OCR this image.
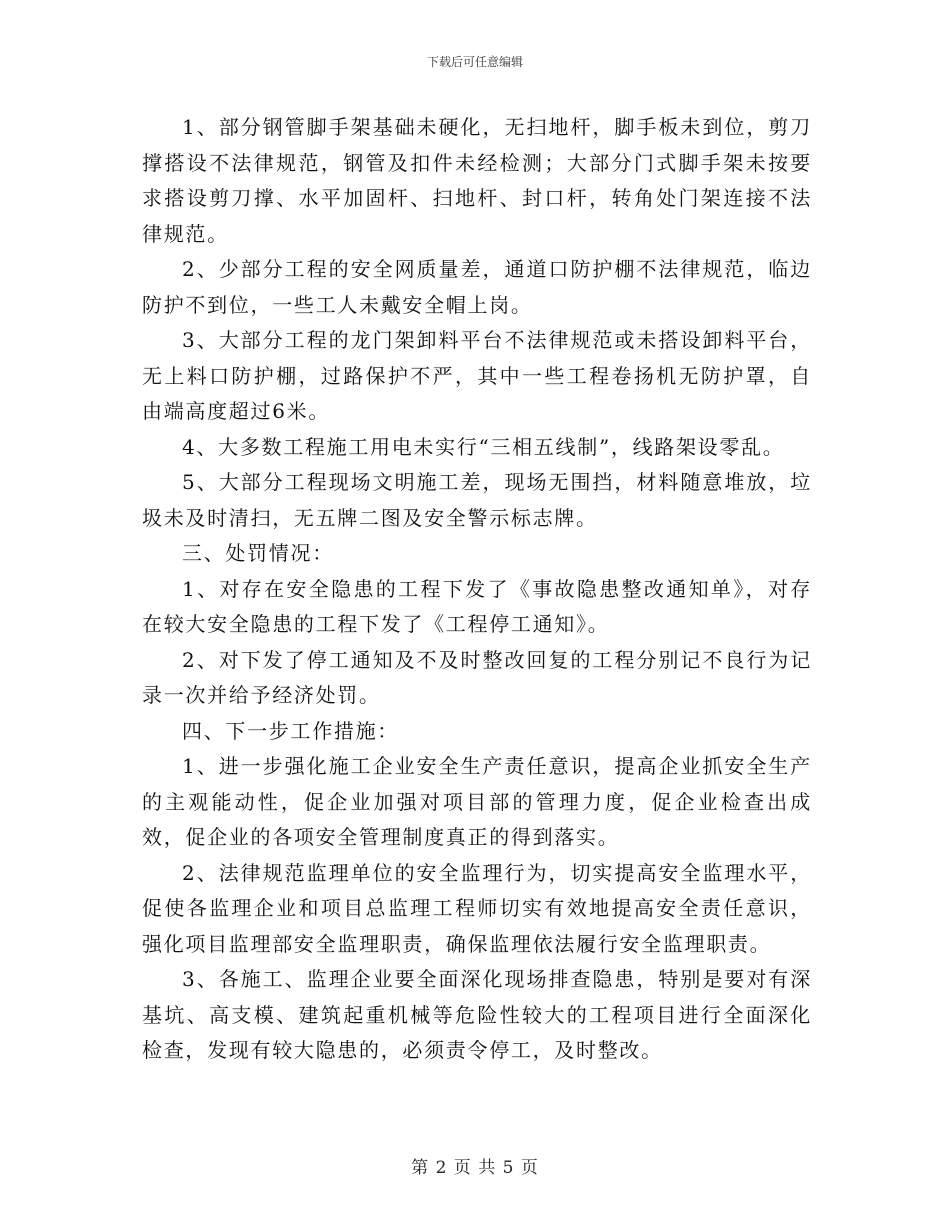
下载后可任意编辑

1、部分钢管脚手架基础未硬化，无扫地杆，脚手板未到位，剪刀撑搭设不法律规范，钢管及扣件未经检测；大部分门式脚手架未按要求搭设剪刀撑、水平加固杆、扫地杆、封口杆，转角处门架连接不法律规范。

2、少部分工程的安全网质量差，通道口防护棚不法律规范，临边防护不到位，一些工人未戴安全帽上岗。

3、大部分工程的龙门架卸料平台不法律规范或未搭设卸料平台，无上料口防护棚，过路保护不严，其中一些工程卷扬机无防护罩，自由端高度超过6米。

4、大多数工程施工用电未实行“三相五线制”，线路架设零乱。

5、大部分工程现场文明施工差，现场无围挡，材料随意堆放，垃圾未及时清扫，无五牌二图及安全警示标志牌。

三、处罚情况：

1、对存在安全隐患的工程下发了《事故隐患整改通知单》，对存在较大安全隐患的工程下发了《工程停工通知》。

2、对下发了停工通知及不及时整改回复的工程分别记不良行为记录一次并给予经济处罚。

四、下一步工作措施：

1、进一步强化施工企业安全生产责任意识，提高企业抓安全生产的主观能动性，促企业加强对项目部的管理力度，促企业检查出成效，促企业的各项安全管理制度真正的得到落实。

2、法律规范监理单位的安全监理行为，切实提高安全监理水平，促使各监理企业和项目总监理工程师切实有效地提高安全责任意识，强化项目监理部安全监理职责，确保监理依法履行安全监理职责。

3、各施工、监理企业要全面深化现场排查隐患，特别是要对有深基坑、高支模、建筑起重机械等危险性较大的工程项目进行全面深化检查，发现有较大隐患的，必须责令停工，及时整改。

第 2 页 共 5 页
